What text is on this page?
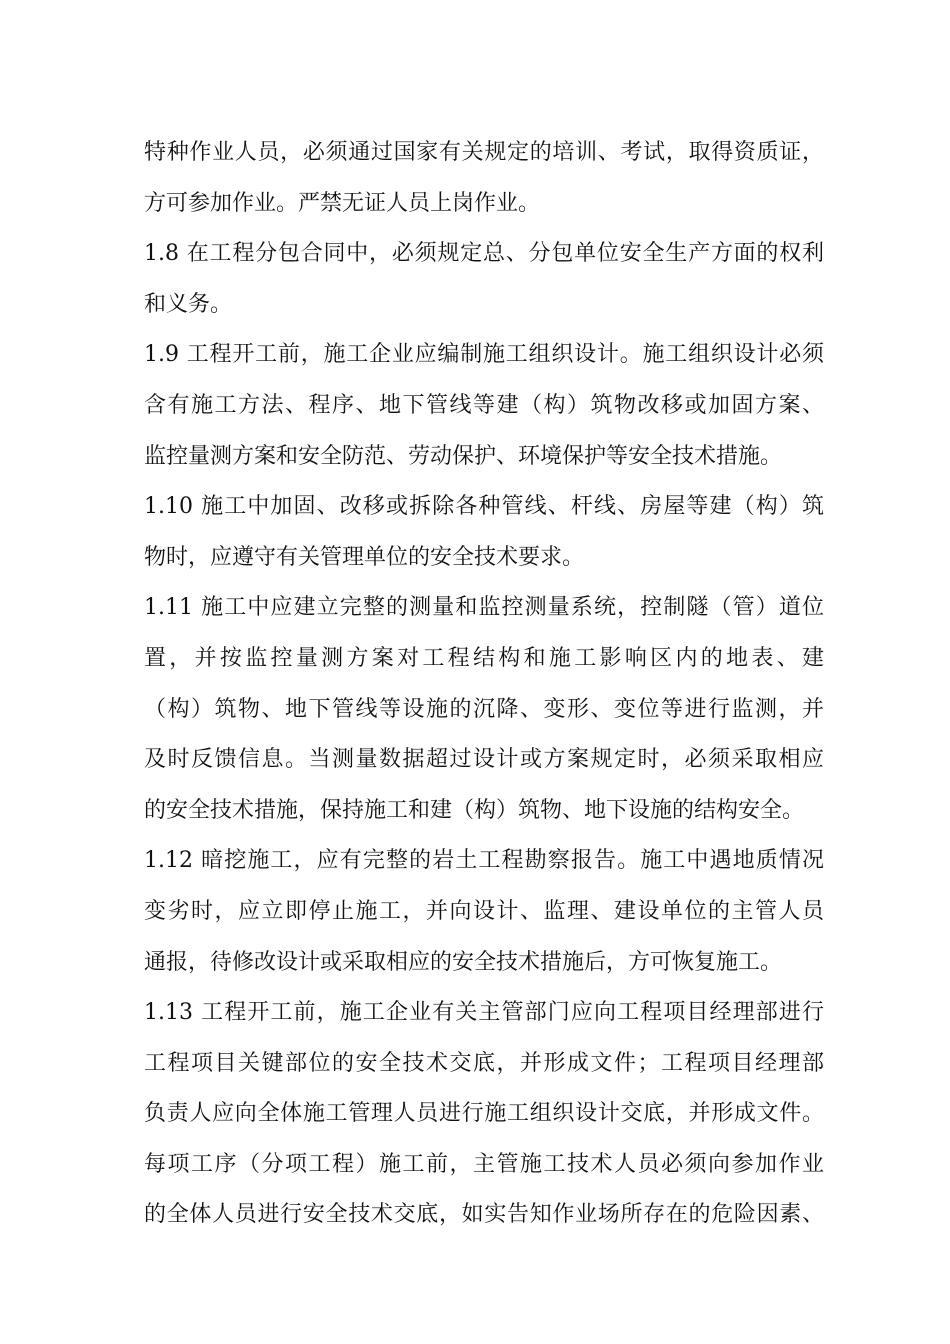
特种作业人员，必须通过国家有关规定的培训、考试，取得资质证，
方可参加作业。严禁无证人员上岗作业。
1.8 在工程分包合同中，必须规定总、分包单位安全生产方面的权利
和义务。
1.9 工程开工前，施工企业应编制施工组织设计。施工组织设计必须
含有施工方法、程序、地下管线等建（构）筑物改移或加固方案、
监控量测方案和安全防范、劳动保护、环境保护等安全技术措施。
1.10 施工中加固、改移或拆除各种管线、杆线、房屋等建（构）筑
物时，应遵守有关管理单位的安全技术要求。
1.11 施工中应建立完整的测量和监控测量系统，控制隧（管）道位
置，并按监控量测方案对工程结构和施工影响区内的地表、建
（构）筑物、地下管线等设施的沉降、变形、变位等进行监测，并
及时反馈信息。当测量数据超过设计或方案规定时，必须采取相应
的安全技术措施，保持施工和建（构）筑物、地下设施的结构安全。
1.12 暗挖施工，应有完整的岩土工程勘察报告。施工中遇地质情况
变劣时，应立即停止施工，并向设计、监理、建设单位的主管人员
通报，待修改设计或采取相应的安全技术措施后，方可恢复施工。
1.13 工程开工前，施工企业有关主管部门应向工程项目经理部进行
工程项目关键部位的安全技术交底，并形成文件；工程项目经理部
负责人应向全体施工管理人员进行施工组织设计交底，并形成文件。
每项工序（分项工程）施工前，主管施工技术人员必须向参加作业
的全体人员进行安全技术交底，如实告知作业场所存在的危险因素、
